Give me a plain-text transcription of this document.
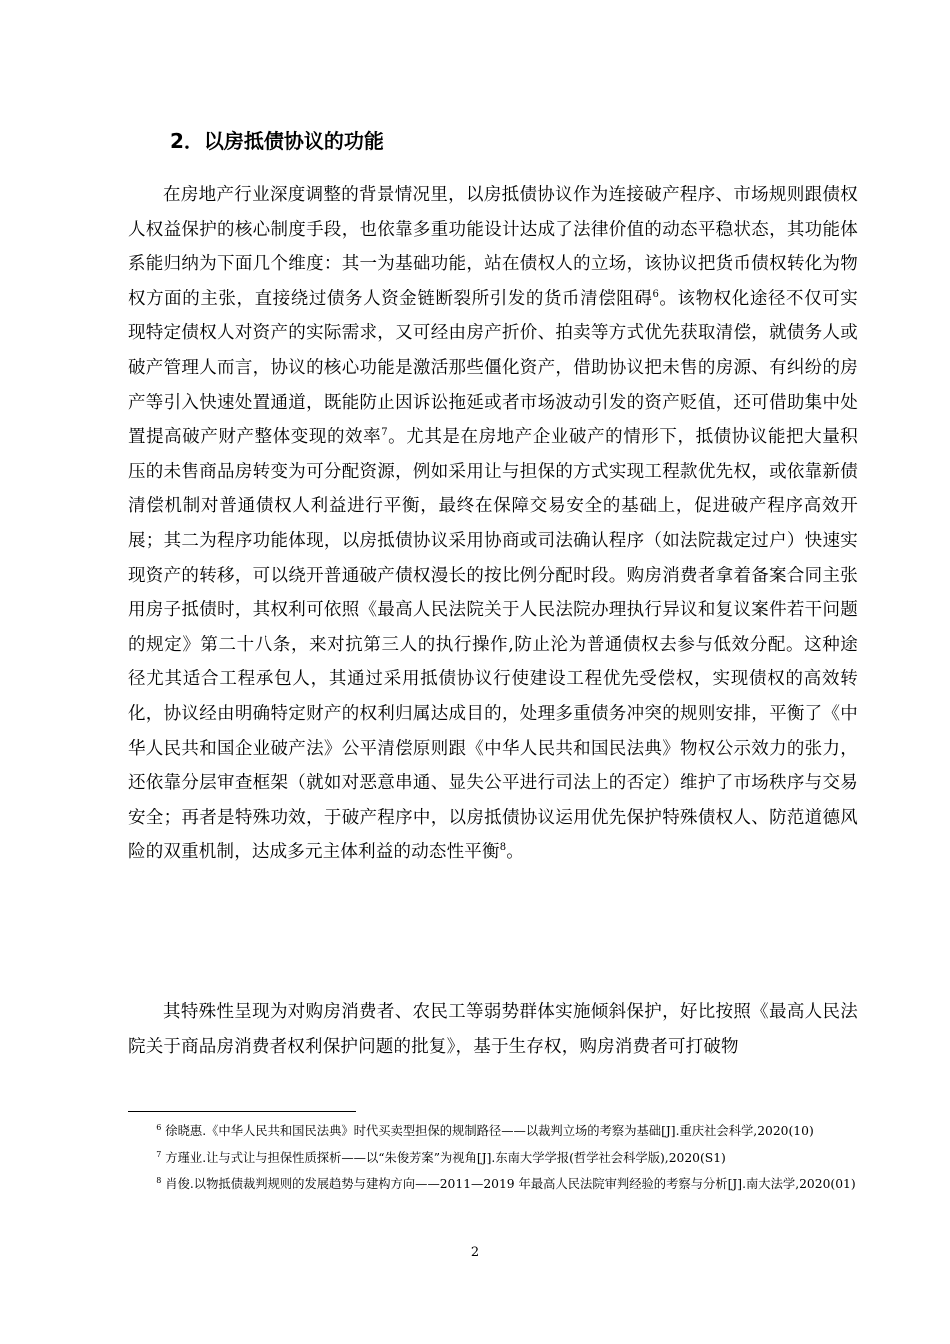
2．以房抵债协议的功能
在房地产行业深度调整的背景情况里，以房抵债协议作为连接破产程序、市场规则跟债权人权益保护的核心制度手段，也依靠多重功能设计达成了法律价值的动态平稳状态，其功能体系能归纳为下面几个维度：其一为基础功能，站在债权人的立场，该协议把货币债权转化为物权方面的主张，直接绕过债务人资金链断裂所引发的货币清偿阻碍$^6$。该物权化途径不仅可实现特定债权人对资产的实际需求，又可经由房产折价、拍卖等方式优先获取清偿，就债务人或破产管理人而言，协议的核心功能是激活那些僵化资产，借助协议把未售的房源、有纠纷的房产等引入快速处置通道，既能防止因诉讼拖延或者市场波动引发的资产贬值，还可借助集中处置提高破产财产整体变现的效率$^7$。尤其是在房地产企业破产的情形下，抵债协议能把大量积压的未售商品房转变为可分配资源，例如采用让与担保的方式实现工程款优先权，或依靠新债清偿机制对普通债权人利益进行平衡，最终在保障交易安全的基础上，促进破产程序高效开展；其二为程序功能体现，以房抵债协议采用协商或司法确认程序（如法院裁定过户）快速实现资产的转移，可以绕开普通破产债权漫长的按比例分配时段。购房消费者拿着备案合同主张用房子抵债时，其权利可依照《最高人民法院关于人民法院办理执行异议和复议案件若干问题的规定》第二十八条，来对抗第三人的执行操作,防止沦为普通债权去参与低效分配。这种途径尤其适合工程承包人，其通过采用抵债协议行使建设工程优先受偿权，实现债权的高效转化，协议经由明确特定财产的权利归属达成目的，处理多重债务冲突的规则安排，平衡了《中华人民共和国企业破产法》公平清偿原则跟《中华人民共和国民法典》物权公示效力的张力，还依靠分层审查框架（就如对恶意串通、显失公平进行司法上的否定）维护了市场秩序与交易安全；再者是特殊功效，于破产程序中，以房抵债协议运用优先保护特殊债权人、防范道德风险的双重机制，达成多元主体利益的动态性平衡$^8$。
其特殊性呈现为对购房消费者、农民工等弱势群体实施倾斜保护，好比按照《最高人民法院关于商品房消费者权利保护问题的批复》，基于生存权，购房消费者可打破物
$^6$ 徐晓惠.《中华人民共和国民法典》时代买卖型担保的规制路径——以裁判立场的考察为基础[J].重庆社会科学,2020(10)
$^7$ 方瑾业.让与式让与担保性质探析——以“朱俊芳案”为视角[J].东南大学学报(哲学社会科学版),2020(S1)
$^8$ 肖俊.以物抵债裁判规则的发展趋势与建构方向——2011—2019 年最高人民法院审判经验的考察与分析[J].南大法学,2020(01)
2
